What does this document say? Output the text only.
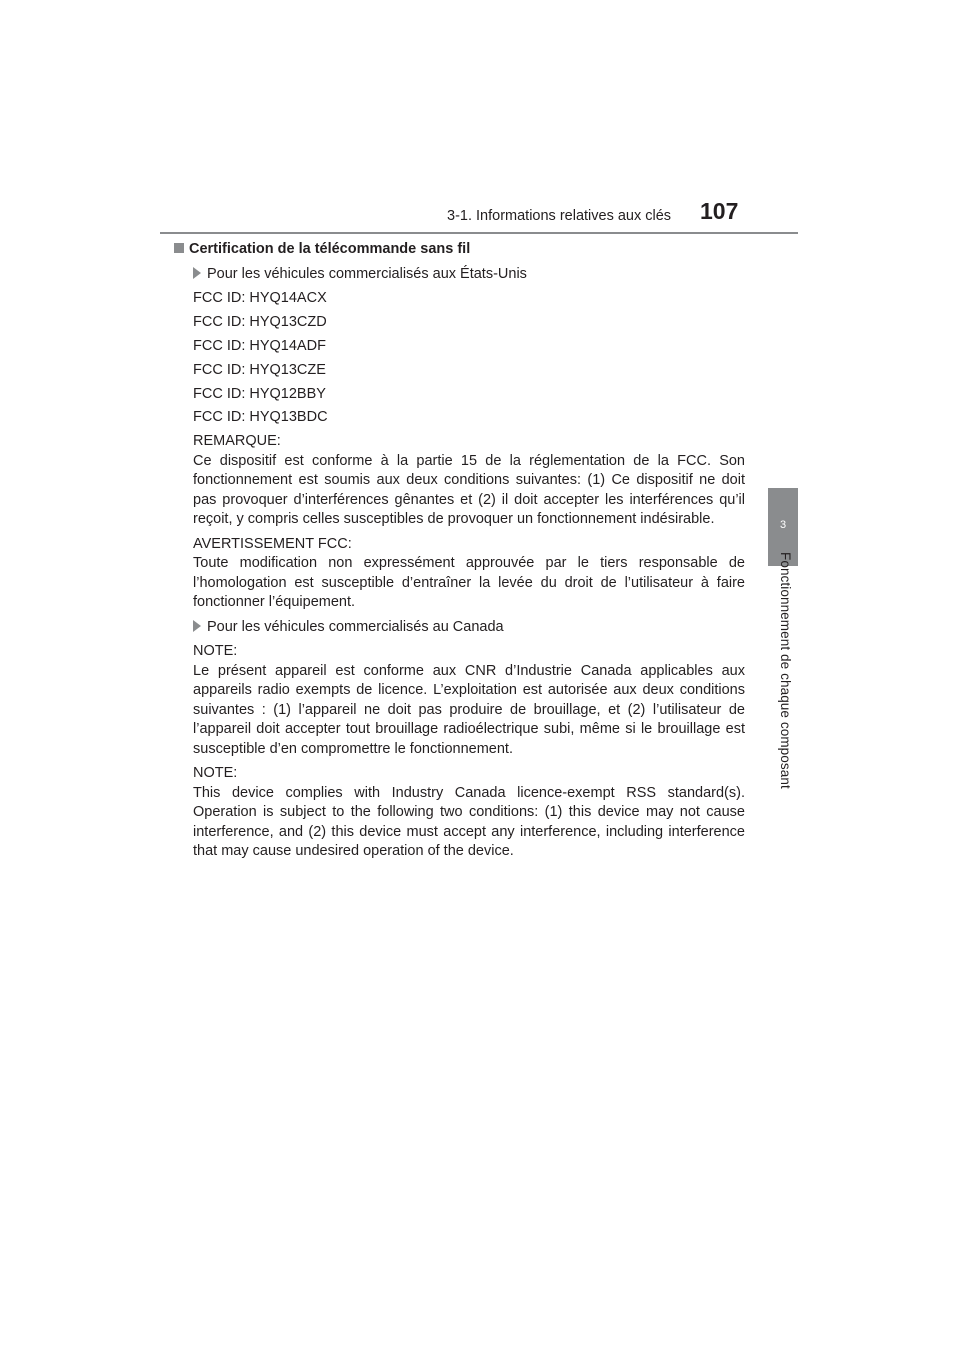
3-1. Informations relatives aux clés 107
3
Fonctionnement de chaque composant
Certification de la télécommande sans fil
Pour les véhicules commercialisés aux États-Unis
FCC ID: HYQ14ACX
FCC ID: HYQ13CZD
FCC ID: HYQ14ADF
FCC ID: HYQ13CZE
FCC ID: HYQ12BBY
FCC ID: HYQ13BDC
REMARQUE:
Ce dispositif est conforme à la partie 15 de la réglementation de la FCC. Son fonctionnement est soumis aux deux conditions suivantes: (1) Ce dispositif ne doit pas provoquer d’interférences gênantes et (2) il doit accepter les interférences qu’il reçoit, y compris celles susceptibles de provoquer un fonctionnement indésirable.
AVERTISSEMENT FCC:
Toute modification non expressément approuvée par le tiers responsable de l’homologation est susceptible d’entraîner la levée du droit de l’utilisateur à faire fonctionner l’équipement.
Pour les véhicules commercialisés au Canada
NOTE:
Le présent appareil est conforme aux CNR d’Industrie Canada applicables aux appareils radio exempts de licence. L’exploitation est autorisée aux deux conditions suivantes : (1) l’appareil ne doit pas produire de brouillage, et (2) l’utilisateur de l’appareil doit accepter tout brouillage radioélectrique subi, même si le brouillage est susceptible d’en compromettre le fonctionnement.
NOTE:
This device complies with Industry Canada licence-exempt RSS standard(s). Operation is subject to the following two conditions: (1) this device may not cause interference, and (2) this device must accept any interference, including interference that may cause undesired operation of the device.
